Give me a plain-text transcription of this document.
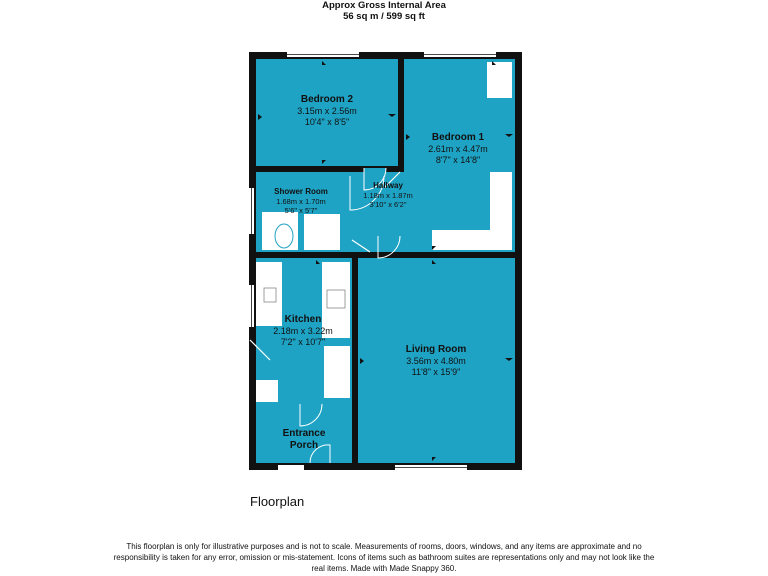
Approx Gross Internal Area
56 sq m / 599 sq ft
Bedroom 2
3.15m x 2.56m
10'4" x 8'5"
Bedroom 1
2.61m x 4.47m
8'7" x 14'8"
Shower Room
1.68m x 1.70m
5'6" x 5'7"
Hallway
1.18m x 1.87m
3'10" x 6'2"
Kitchen
2.18m x 3.22m
7'2" x 10'7"
Living Room
3.56m x 4.80m
11'8" x 15'9"
Entrance
Porch
Floorplan
This floorplan is only for illustrative purposes and is not to scale. Measurements of rooms, doors, windows, and any items are approximate and no responsibility is taken for any error, omission or mis-statement. Icons of items such as bathroom suites are representations only and may not look like the real items. Made with Made Snappy 360.
